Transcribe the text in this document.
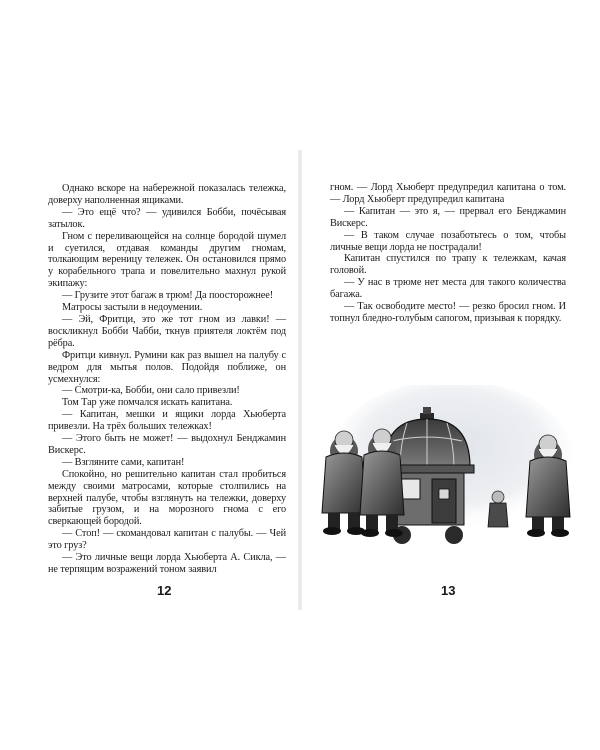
Однако вскоре на набережной показалась тележка, доверху наполненная ящиками.

— Это ещё что? — удивился Бобби, почёсывая затылок.

Гном с переливающейся на солнце бородой шумел и суетился, отдавая команды другим гномам, толкающим вереницу тележек. Он остановился прямо у корабельного трапа и повелительно махнул рукой экипажу:

— Грузите этот багаж в трюм! Да поосторожнее!

Матросы застыли в недоумении.

— Эй, Фритци, это же тот гном из лавки! — воскликнул Бобби Чабби, ткнув приятеля локтём под рёбра.

Фритци кивнул. Румини как раз вышел на палубу с ведром для мытья полов. Подойдя поближе, он усмехнулся:

— Смотри-ка, Бобби, они сало привезли!

Том Тар уже помчался искать капитана.

— Капитан, мешки и ящики лорда Хьюберта привезли. На трёх больших тележках!

— Этого быть не может! — выдохнул Бенджамин Вискерс.

— Взгляните сами, капитан!

Спокойно, но решительно капитан стал пробиться между своими матросами, которые столпились на верхней палубе, чтобы взглянуть на тележки, доверху забитые грузом, и на морозного гнома с его сверкающей бородой.

— Стоп! — скомандовал капитан с палубы. — Чей это груз?

— Это личные вещи лорда Хьюберта А. Сикла, — не терпящим возражений тоном заявил

гном. — Лорд Хьюберт предупредил капитана о том. — Лорд Хьюберт предупредил капитана

— Капитан — это я, — прервал его Бенджамин Вискерс.

— В таком случае позаботьтесь о том, чтобы личные вещи лорда не пострадали!

Капитан спустился по трапу к тележкам, качая головой.

— У нас в трюме нет места для такого количества багажа.

— Так освободите место! — резко бросил гном. И топнул бледно-голубым сапогом, призывая к порядку.

12	13
